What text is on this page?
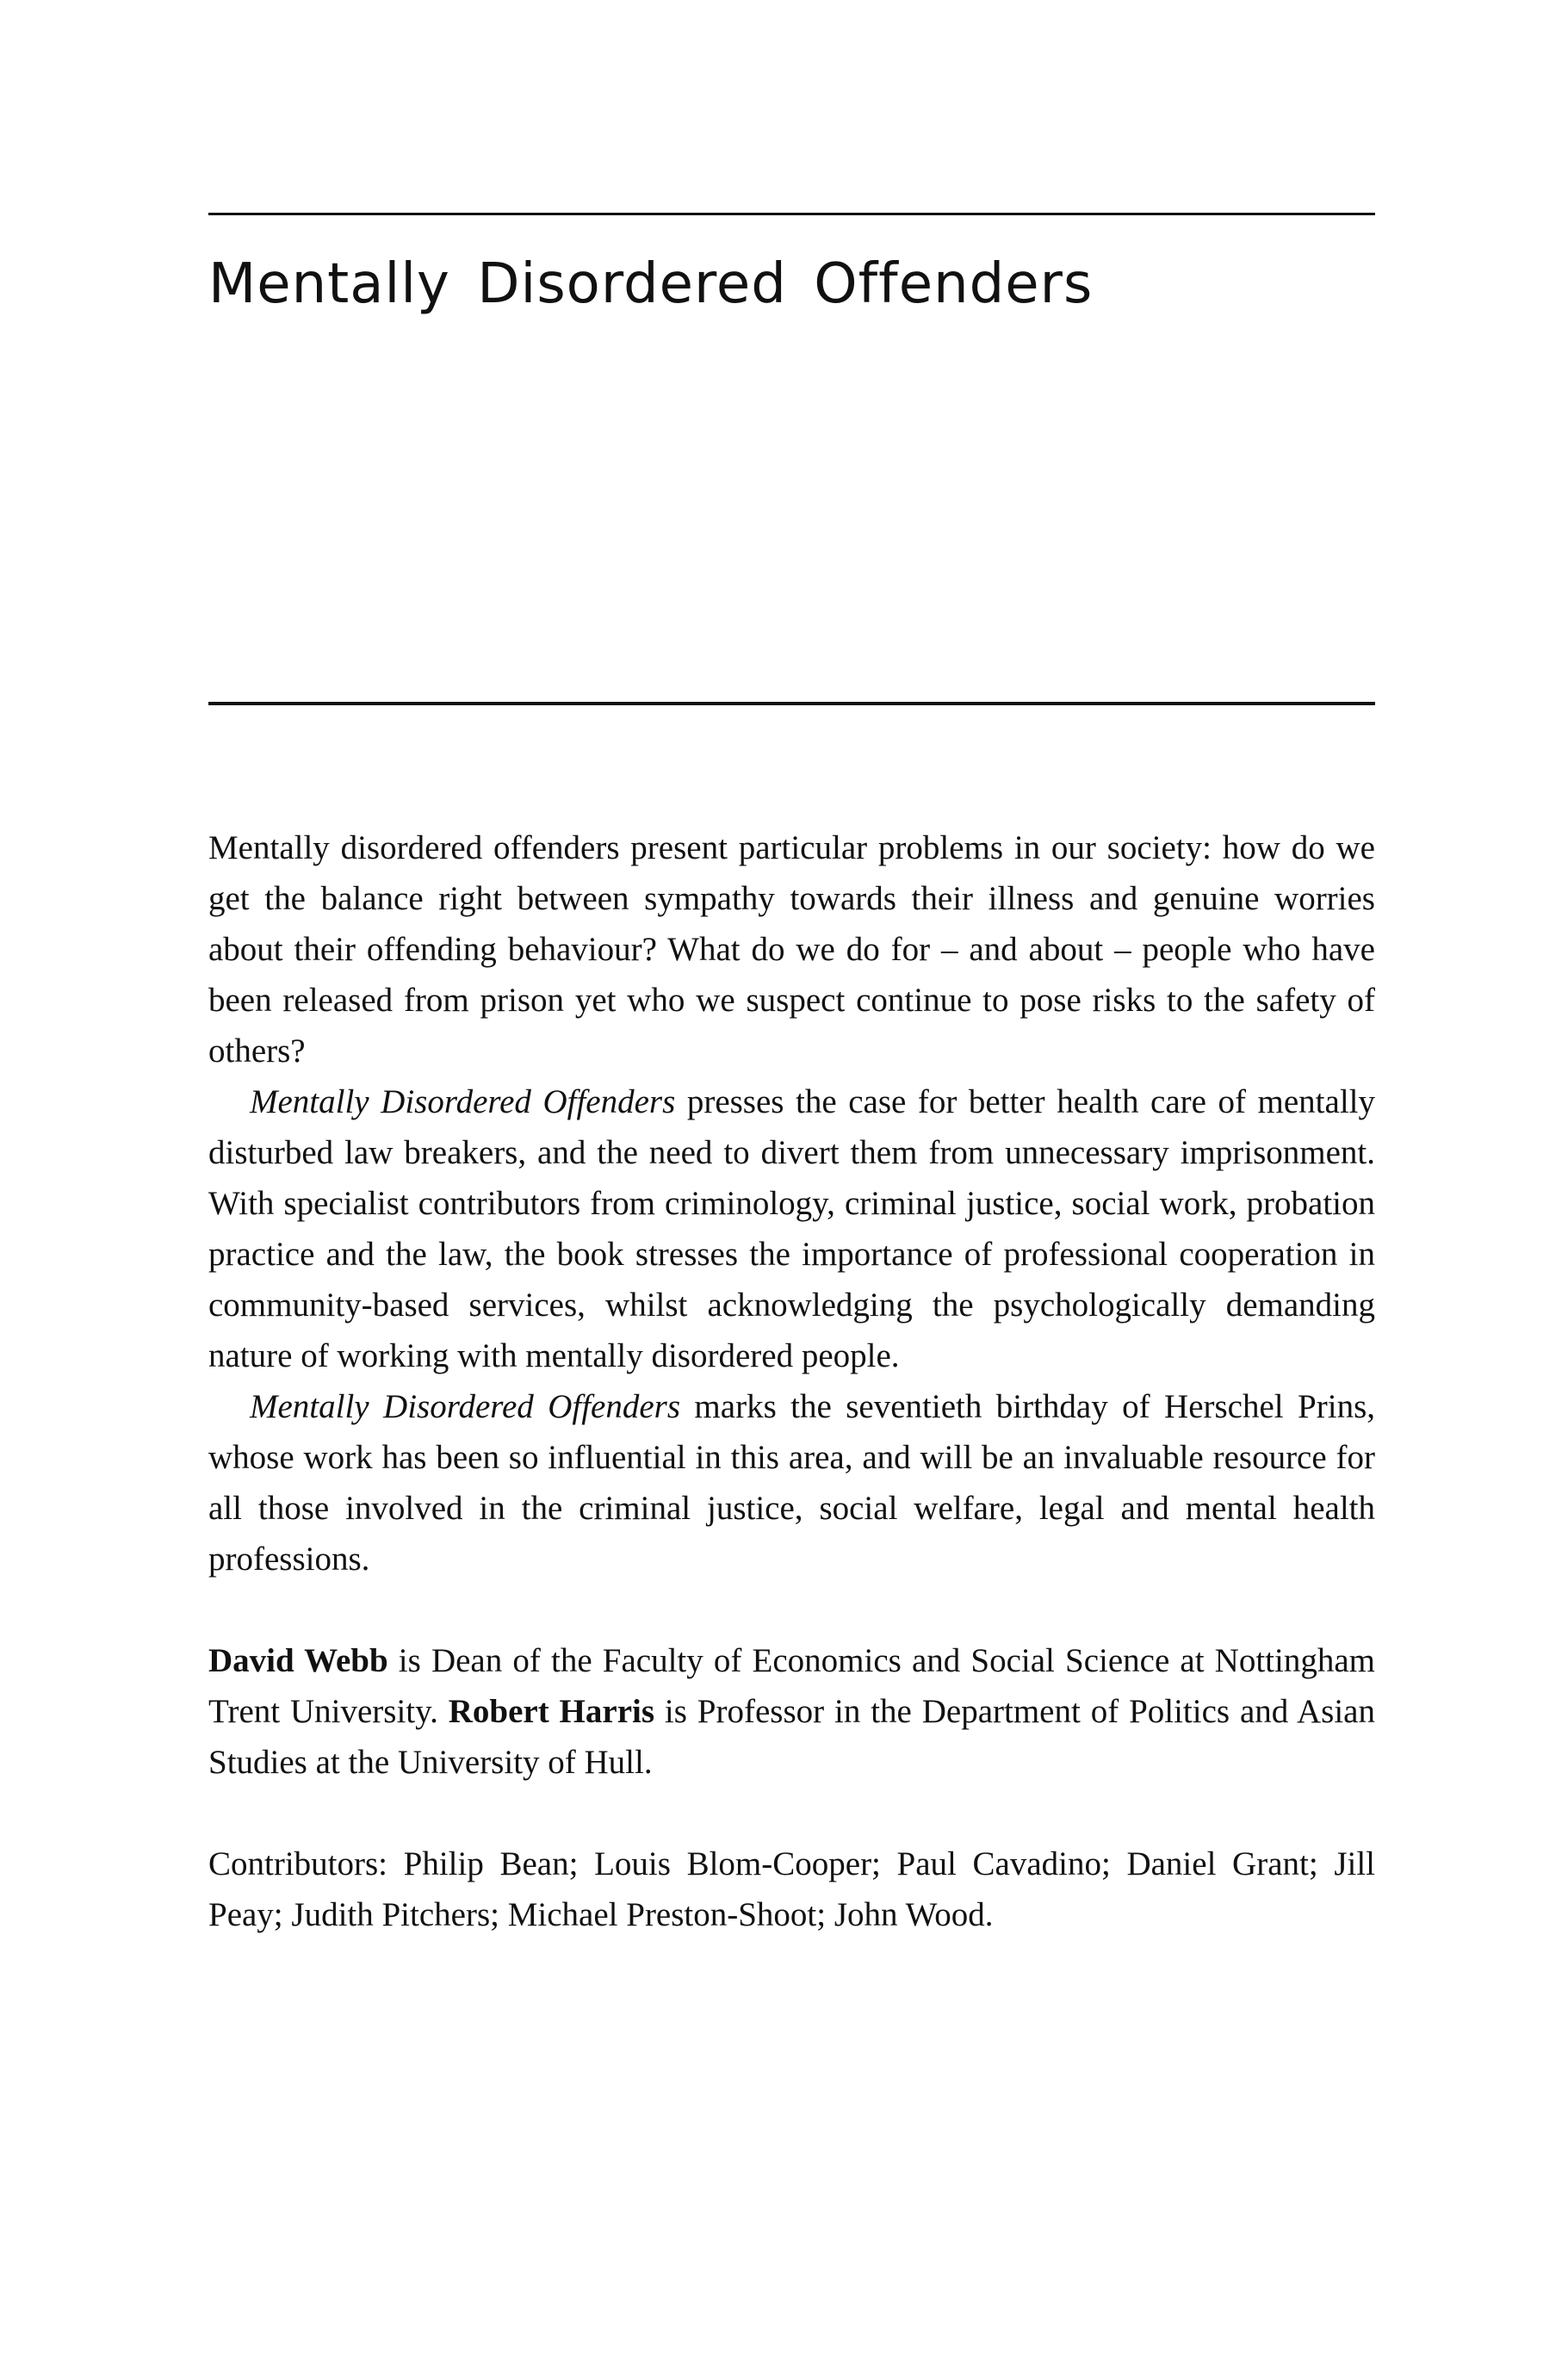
Mentally Disordered Offenders

Mentally disordered offenders present particular problems in our society: how do we get the balance right between sympathy towards their illness and genuine worries about their offending behaviour? What do we do for – and about – people who have been released from prison yet who we suspect continue to pose risks to the safety of others?

Mentally Disordered Offenders presses the case for better health care of mentally disturbed law breakers, and the need to divert them from unnecessary imprisonment. With specialist contributors from criminology, criminal justice, social work, probation practice and the law, the book stresses the importance of professional cooperation in community-based services, whilst acknowledging the psychologically demanding nature of working with mentally disordered people.

Mentally Disordered Offenders marks the seventieth birthday of Herschel Prins, whose work has been so influential in this area, and will be an invaluable resource for all those involved in the criminal justice, social welfare, legal and mental health professions.

David Webb is Dean of the Faculty of Economics and Social Science at Nottingham Trent University. Robert Harris is Professor in the Department of Politics and Asian Studies at the University of Hull.

Contributors: Philip Bean; Louis Blom-Cooper; Paul Cavadino; Daniel Grant; Jill Peay; Judith Pitchers; Michael Preston-Shoot; John Wood.
